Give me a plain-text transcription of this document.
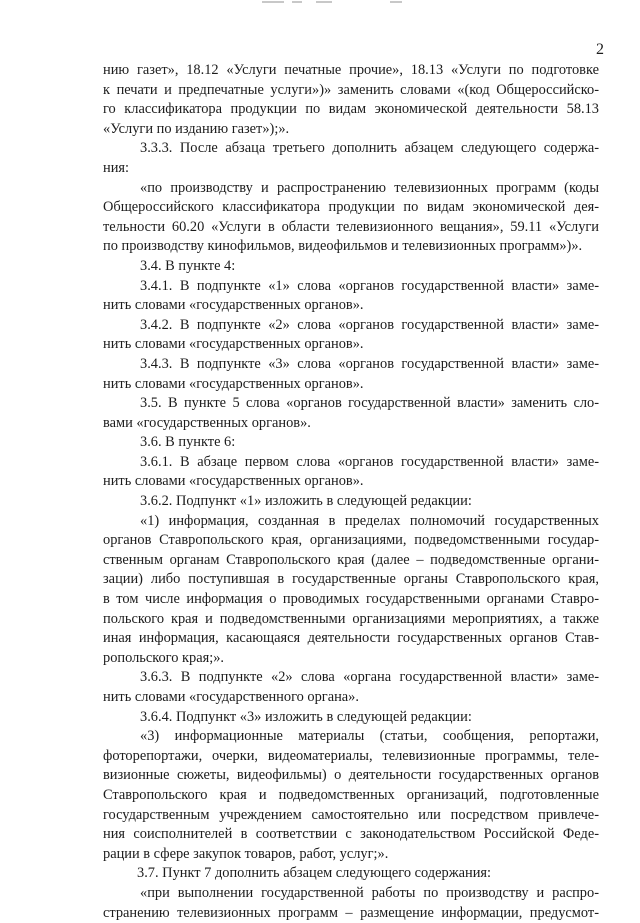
2
нию газет», 18.12 «Услуги печатные прочие», 18.13 «Услуги по подготовке
к печати и предпечатные услуги»)» заменить словами «(код Общероссийско-
го классификатора продукции по видам экономической деятельности 58.13
«Услуги по изданию газет»);».
3.3.3. После абзаца третьего дополнить абзацем следующего содержа-
ния:
«по производству и распространению телевизионных программ (коды
Общероссийского классификатора продукции по видам экономической дея-
тельности 60.20 «Услуги в области телевизионного вещания», 59.11 «Услуги
по производству кинофильмов, видеофильмов и телевизионных программ»)».
3.4. В пункте 4:
3.4.1. В подпункте «1» слова «органов государственной власти» заме-
нить словами «государственных органов».
3.4.2. В подпункте «2» слова «органов государственной власти» заме-
нить словами «государственных органов».
3.4.3. В подпункте «3» слова «органов государственной власти» заме-
нить словами «государственных органов».
3.5. В пункте 5 слова «органов государственной власти» заменить сло-
вами «государственных органов».
3.6. В пункте 6:
3.6.1. В абзаце первом слова «органов государственной власти» заме-
нить словами «государственных органов».
3.6.2. Подпункт «1» изложить в следующей редакции:
«1) информация, созданная в пределах полномочий государственных
органов Ставропольского края, организациями, подведомственными государ-
ственным органам Ставропольского края (далее – подведомственные органи-
зации) либо поступившая в государственные органы Ставропольского края,
в том числе информация о проводимых государственными органами Ставро-
польского края и подведомственными организациями мероприятиях, а также
иная информация, касающаяся деятельности государственных органов Став-
ропольского края;».
3.6.3. В подпункте «2» слова «органа государственной власти» заме-
нить словами «государственного органа».
3.6.4. Подпункт «3» изложить в следующей редакции:
«3) информационные материалы (статьи, сообщения, репортажи,
фоторепортажи, очерки, видеоматериалы, телевизионные программы, теле-
визионные сюжеты, видеофильмы) о деятельности государственных органов
Ставропольского края и подведомственных организаций, подготовленные
государственным учреждением самостоятельно или посредством привлече-
ния соисполнителей в соответствии с законодательством Российской Феде-
рации в сфере закупок товаров, работ, услуг;».
3.7. Пункт 7 дополнить абзацем следующего содержания:
«при выполнении государственной работы по производству и распро-
странению телевизионных программ – размещение информации, предусмот-
